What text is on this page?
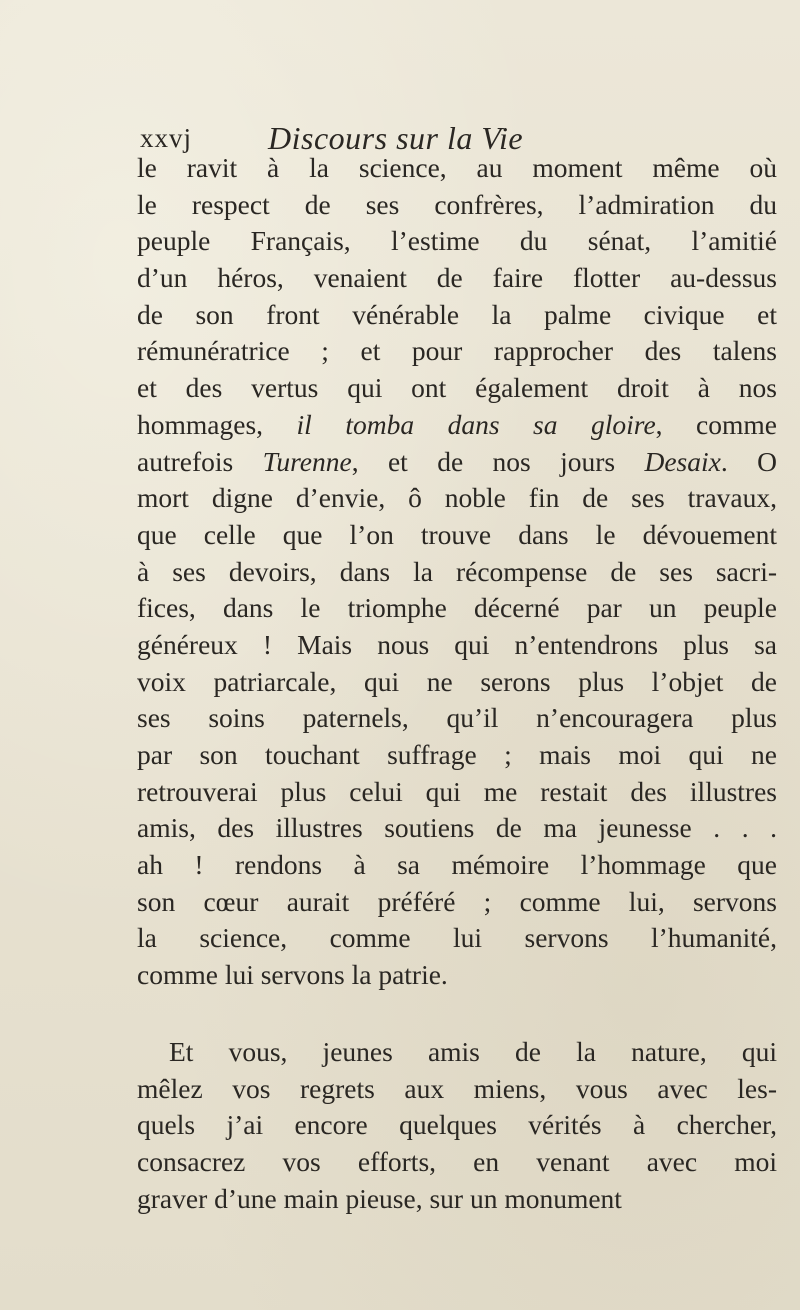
xxvj Discours sur la Vie
le ravit à la science, au moment même où
le respect de ses confrères, l’admiration du
peuple Français, l’estime du sénat, l’amitié
d’un héros, venaient de faire flotter au-dessus
de son front vénérable la palme civique et
rémunératrice ; et pour rapprocher des talens
et des vertus qui ont également droit à nos
hommages, il tomba dans sa gloire, comme
autrefois Turenne, et de nos jours Desaix. O
mort digne d’envie, ô noble fin de ses travaux,
que celle que l’on trouve dans le dévouement
à ses devoirs, dans la récompense de ses sacri-
fices, dans le triomphe décerné par un peuple
généreux ! Mais nous qui n’entendrons plus sa
voix patriarcale, qui ne serons plus l’objet de
ses soins paternels, qu’il n’encouragera plus
par son touchant suffrage ; mais moi qui ne
retrouverai plus celui qui me restait des illustres
amis, des illustres soutiens de ma jeunesse . . .
ah ! rendons à sa mémoire l’hommage que
son cœur aurait préféré ; comme lui, servons
la science, comme lui servons l’humanité,
comme lui servons la patrie.
Et vous, jeunes amis de la nature, qui
mêlez vos regrets aux miens, vous avec les-
quels j’ai encore quelques vérités à chercher,
consacrez vos efforts, en venant avec moi
graver d’une main pieuse, sur un monument
